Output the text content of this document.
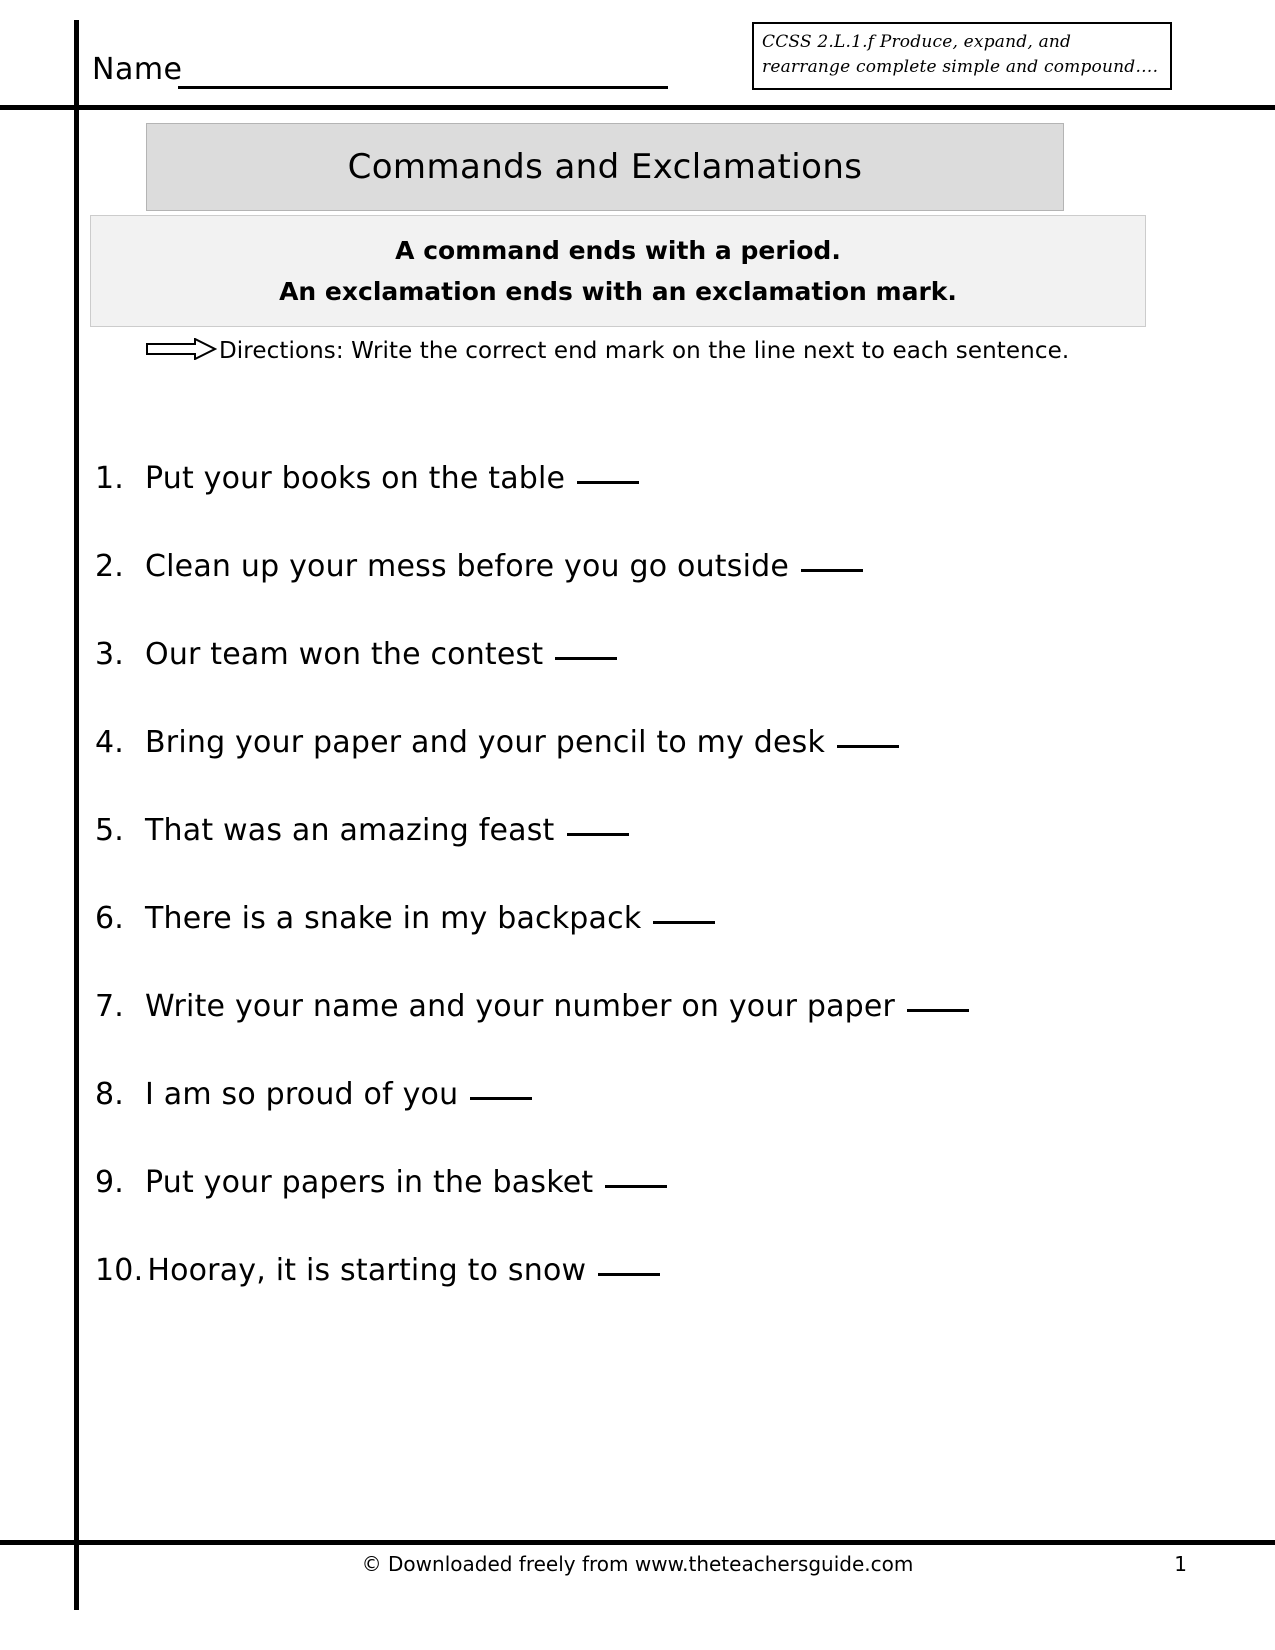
CCSS 2.L.1.f Produce, expand, and
rearrange complete simple and compound….
Name
Commands and Exclamations
A command ends with a period.
An exclamation ends with an exclamation mark.
Directions: Write the correct end mark on the line next to each sentence.
1. Put your books on the table
2. Clean up your mess before you go outside
3. Our team won the contest
4. Bring your paper and your pencil to my desk
5. That was an amazing feast
6. There is a snake in my backpack
7. Write your name and your number on your paper
8. I am so proud of you
9. Put your papers in the basket
10. Hooray, it is starting to snow
© Downloaded freely from www.theteachersguide.com	1
